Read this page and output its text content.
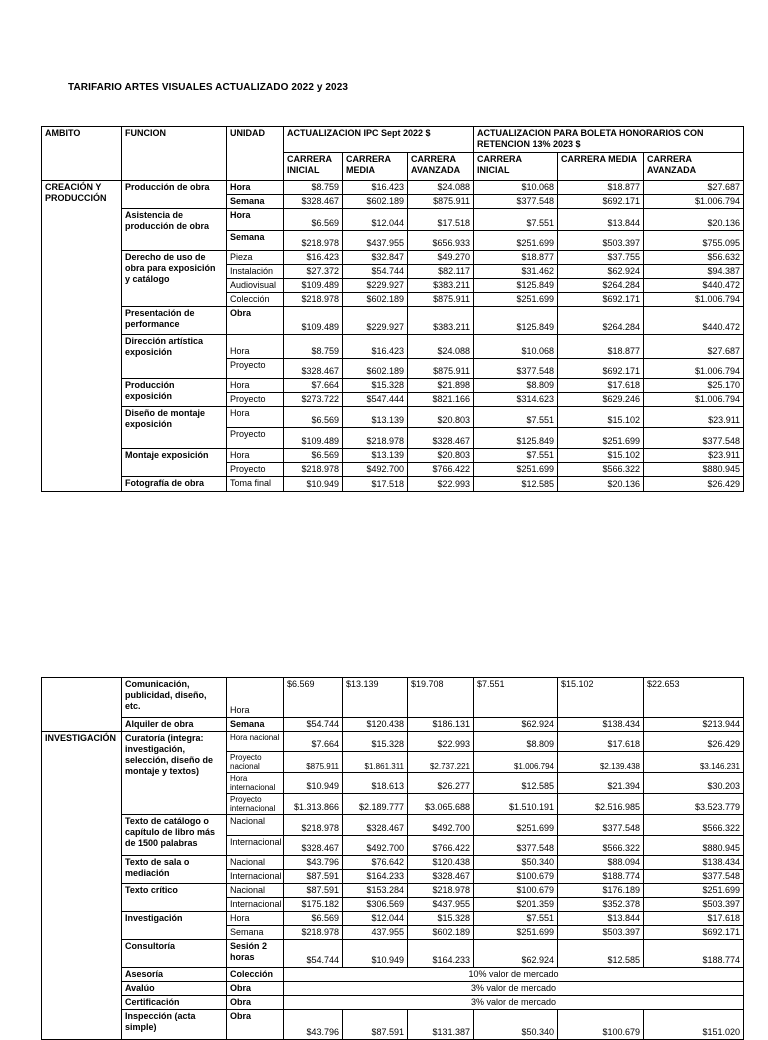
TARIFARIO ARTES VISUALES ACTUALIZADO 2022 y 2023
AMBITO	FUNCION	UNIDAD	ACTUALIZACION IPC Sept 2022 $			ACTUALIZACION PARA BOLETA HONORARIOS CON RETENCION 13% 2023 $		
			CARRERA INICIAL	CARRERA MEDIA	CARRERA AVANZADA	CARRERA INICIAL	CARRERA MEDIA	CARRERA AVANZADA
CREACIÓN Y PRODUCCIÓN	Producción de obra	Hora	$8.759	$16.423	$24.088	$10.068	$18.877	$27.687
		Semana	$328.467	$602.189	$875.911	$377.548	$692.171	$1.006.794
	Asistencia de producción de obra	Hora	$6.569	$12.044	$17.518	$7.551	$13.844	$20.136
		Semana	$218.978	$437.955	$656.933	$251.699	$503.397	$755.095
	Derecho de uso de obra para exposición y catálogo	Pieza	$16.423	$32.847	$49.270	$18.877	$37.755	$56.632
		Instalación	$27.372	$54.744	$82.117	$31.462	$62.924	$94.387
		Audiovisual	$109.489	$229.927	$383.211	$125.849	$264.284	$440.472
		Colección	$218.978	$602.189	$875.911	$251.699	$692.171	$1.006.794
	Presentación de performance	Obra	$109.489	$229.927	$383.211	$125.849	$264.284	$440.472
	Dirección artística exposición	Hora	$8.759	$16.423	$24.088	$10.068	$18.877	$27.687
		Proyecto	$328.467	$602.189	$875.911	$377.548	$692.171	$1.006.794
	Producción exposición	Hora	$7.664	$15.328	$21.898	$8.809	$17.618	$25.170
		Proyecto	$273.722	$547.444	$821.166	$314.623	$629.246	$1.006.794
	Diseño de montaje exposición	Hora	$6.569	$13.139	$20.803	$7.551	$15.102	$23.911
		Proyecto	$109.489	$218.978	$328.467	$125.849	$251.699	$377.548
	Montaje exposición	Hora	$6.569	$13.139	$20.803	$7.551	$15.102	$23.911
		Proyecto	$218.978	$492.700	$766.422	$251.699	$566.322	$880.945
	Fotografía de obra	Toma final	$10.949	$17.518	$22.993	$12.585	$20.136	$26.429
	Comunicación, publicidad, diseño, etc.	Hora	$6.569	$13.139	$19.708	$7.551	$15.102	$22.653
	Alquiler de obra	Semana	$54.744	$120.438	$186.131	$62.924	$138.434	$213.944
INVESTIGACIÓN	Curatoría (integra: investigación, selección, diseño de montaje y textos)	Hora nacional	$7.664	$15.328	$22.993	$8.809	$17.618	$26.429
		Proyecto nacional	$875.911	$1.861.311	$2.737.221	$1.006.794	$2.139.438	$3.146.231
		Hora internacional	$10.949	$18.613	$26.277	$12.585	$21.394	$30.203
		Proyecto internacional	$1.313.866	$2.189.777	$3.065.688	$1.510.191	$2.516.985	$3.523.779
	Texto de catálogo o capítulo de libro más de 1500 palabras	Nacional	$218.978	$328.467	$492.700	$251.699	$377.548	$566.322
		Internacional	$328.467	$492.700	$766.422	$377.548	$566.322	$880.945
	Texto de sala o mediación	Nacional	$43.796	$76.642	$120.438	$50.340	$88.094	$138.434
		Internacional	$87.591	$164.233	$328.467	$100.679	$188.774	$377.548
	Texto crítico	Nacional	$87.591	$153.284	$218.978	$100.679	$176.189	$251.699
		Internacional	$175.182	$306.569	$437.955	$201.359	$352.378	$503.397
	Investigación	Hora	$6.569	$12.044	$15.328	$7.551	$13.844	$17.618
		Semana	$218.978	437.955	$602.189	$251.699	$503.397	$692.171
	Consultoría	Sesión 2 horas	$54.744	$10.949	$164.233	$62.924	$12.585	$188.774
	Asesoría	Colección	10% valor de mercado					
	Avalúo	Obra	3% valor de mercado					
	Certificación	Obra	3% valor de mercado					
	Inspección (acta simple)	Obra	$43.796	$87.591	$131.387	$50.340	$100.679	$151.020
